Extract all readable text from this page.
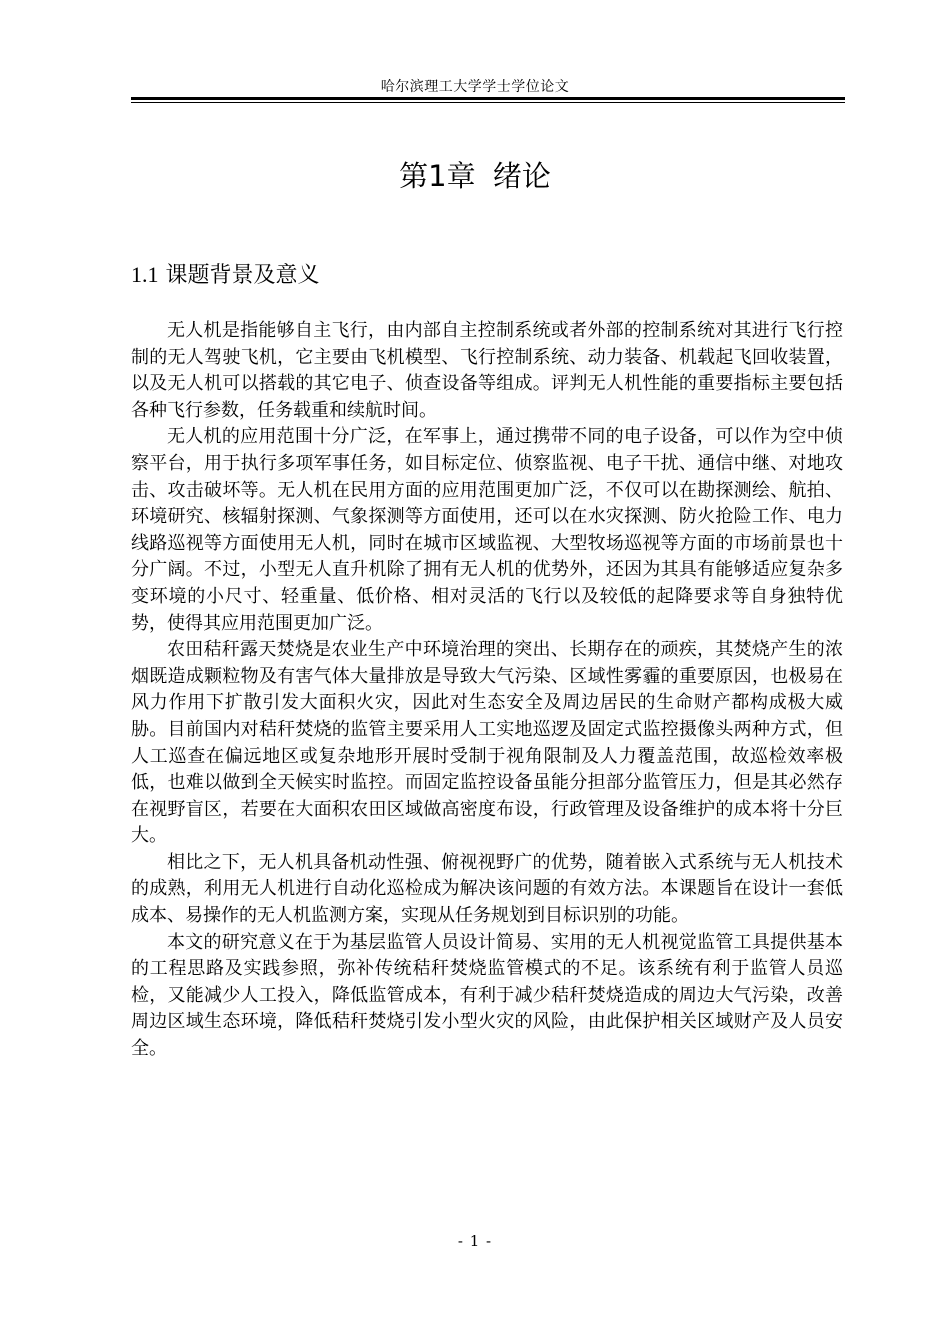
哈尔滨理工大学学士学位论文
第1章 绪论
1.1 课题背景及意义

无人机是指能够自主飞行，由内部自主控制系统或者外部的控制系统对其进行飞行控制的无人驾驶飞机，它主要由飞机模型、飞行控制系统、动力装备、机载起飞回收装置，以及无人机可以搭载的其它电子、侦查设备等组成。评判无人机性能的重要指标主要包括各种飞行参数，任务载重和续航时间。

无人机的应用范围十分广泛，在军事上，通过携带不同的电子设备，可以作为空中侦察平台，用于执行多项军事任务，如目标定位、侦察监视、电子干扰、通信中继、对地攻击、攻击破坏等。无人机在民用方面的应用范围更加广泛，不仅可以在勘探测绘、航拍、环境研究、核辐射探测、气象探测等方面使用，还可以在水灾探测、防火抢险工作、电力线路巡视等方面使用无人机，同时在城市区域监视、大型牧场巡视等方面的市场前景也十分广阔。不过，小型无人直升机除了拥有无人机的优势外，还因为其具有能够适应复杂多变环境的小尺寸、轻重量、低价格、相对灵活的飞行以及较低的起降要求等自身独特优势，使得其应用范围更加广泛。

农田秸秆露天焚烧是农业生产中环境治理的突出、长期存在的顽疾，其焚烧产生的浓烟既造成颗粒物及有害气体大量排放是导致大气污染、区域性雾霾的重要原因，也极易在风力作用下扩散引发大面积火灾，因此对生态安全及周边居民的生命财产都构成极大威胁。目前国内对秸秆焚烧的监管主要采用人工实地巡逻及固定式监控摄像头两种方式，但人工巡查在偏远地区或复杂地形开展时受制于视角限制及人力覆盖范围，故巡检效率极低，也难以做到全天候实时监控。而固定监控设备虽能分担部分监管压力，但是其必然存在视野盲区，若要在大面积农田区域做高密度布设，行政管理及设备维护的成本将十分巨大。

相比之下，无人机具备机动性强、俯视视野广的优势，随着嵌入式系统与无人机技术的成熟，利用无人机进行自动化巡检成为解决该问题的有效方法。本课题旨在设计一套低成本、易操作的无人机监测方案，实现从任务规划到目标识别的功能。

本文的研究意义在于为基层监管人员设计简易、实用的无人机视觉监管工具提供基本的工程思路及实践参照，弥补传统秸秆焚烧监管模式的不足。该系统有利于监管人员巡检，又能减少人工投入，降低监管成本，有利于减少秸秆焚烧造成的周边大气污染，改善周边区域生态环境，降低秸秆焚烧引发小型火灾的风险，由此保护相关区域财产及人员安全。

- 1 -
